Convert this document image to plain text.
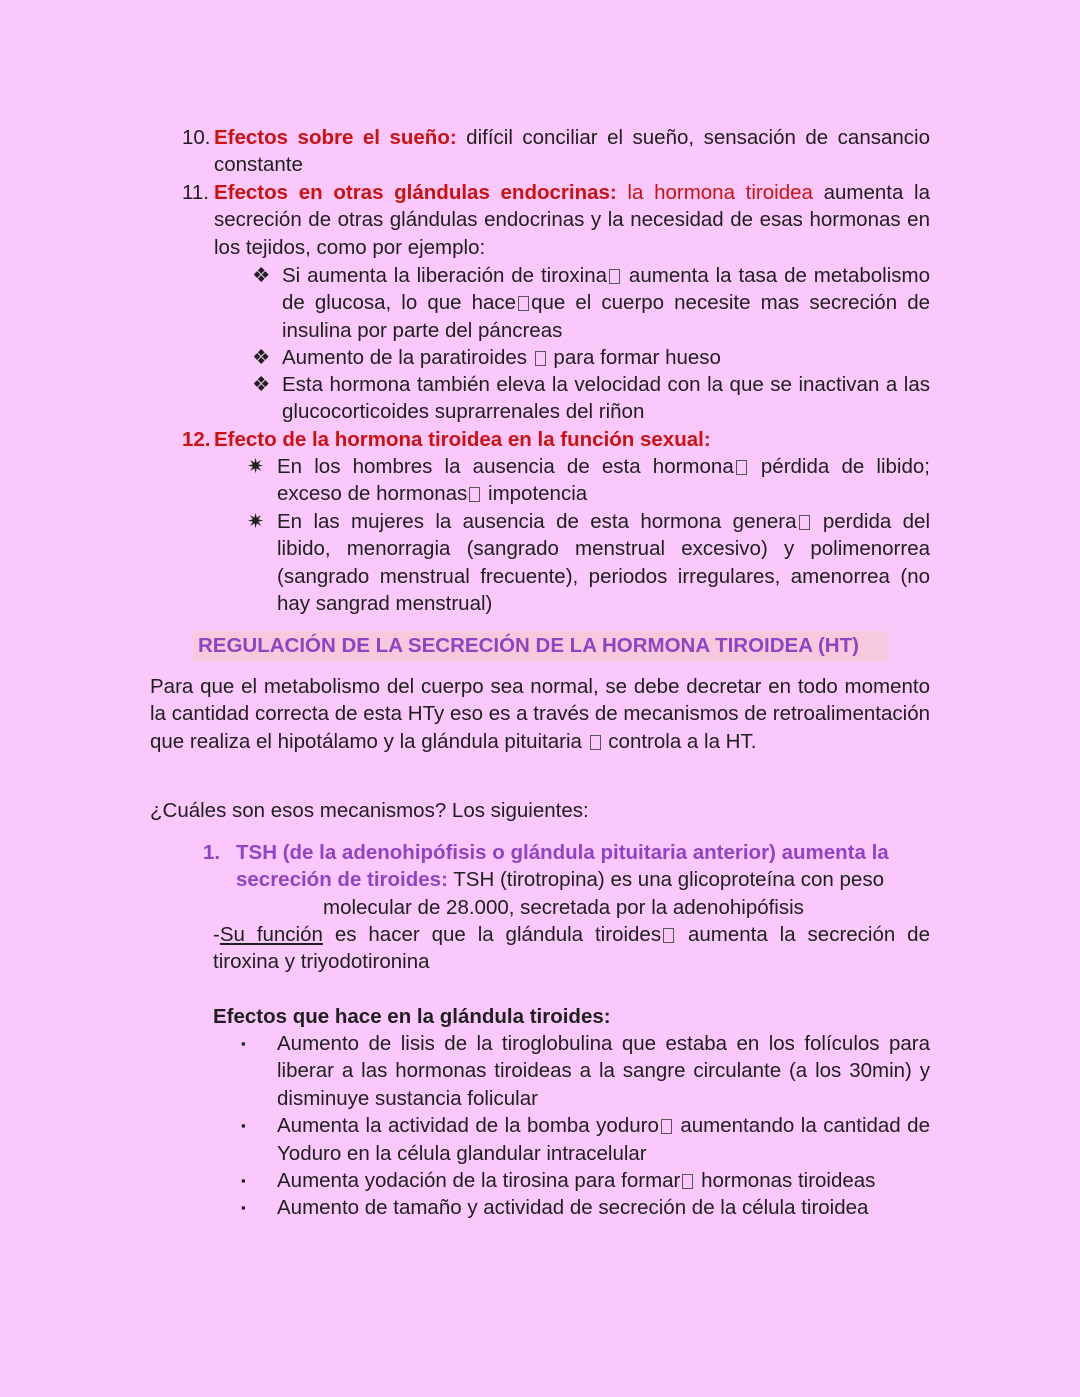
10. Efectos sobre el sueño: difícil conciliar el sueño, sensación de cansancio constante
11. Efectos en otras glándulas endocrinas: la hormona tiroidea aumenta la secreción de otras glándulas endocrinas y la necesidad de esas hormonas en los tejidos, como por ejemplo:
❖ Si aumenta la liberación de tiroxina aumenta la tasa de metabolismo de glucosa, lo que hace que el cuerpo necesite mas secreción de insulina por parte del páncreas
❖ Aumento de la paratiroides  para formar hueso
❖ Esta hormona también eleva la velocidad con la que se inactivan a las glucocorticoides suprarrenales del riñon
12. Efecto de la hormona tiroidea en la función sexual:
✷ En los hombres la ausencia de esta hormona pérdida de libido; exceso de hormonas impotencia
✷ En las mujeres la ausencia de esta hormona genera perdida del libido, menorragia (sangrado menstrual excesivo) y polimenorrea (sangrado menstrual frecuente), periodos irregulares, amenorrea (no hay sangrad menstrual)
REGULACIÓN DE LA SECRECIÓN DE LA HORMONA TIROIDEA (HT)
Para que el metabolismo del cuerpo sea normal, se debe decretar en todo momento la cantidad correcta de esta HTy eso es a través de mecanismos de retroalimentación que realiza el hipotálamo y la glándula pituitaria  controla a la HT.
¿Cuáles son esos mecanismos? Los siguientes:
1. TSH (de la adenohipófisis o glándula pituitaria anterior) aumenta la
secreción de tiroides: TSH (tirotropina) es una glicoproteína con peso
molecular de 28.000, secretada por la adenohipófisis
-Su función es hacer que la glándula tiroides aumenta la secreción de tiroxina y triyodotironina
Efectos que hace en la glándula tiroides:
▪	Aumento de lisis de la tiroglobulina que estaba en los folículos para liberar a las hormonas tiroideas a la sangre circulante (a los 30min) y disminuye sustancia folicular
▪	Aumenta la actividad de la bomba yoduro aumentando la cantidad de Yoduro en la célula glandular intracelular
▪	Aumenta yodación de la tirosina para formar hormonas tiroideas
▪	Aumento de tamaño y actividad de secreción de la célula tiroidea
